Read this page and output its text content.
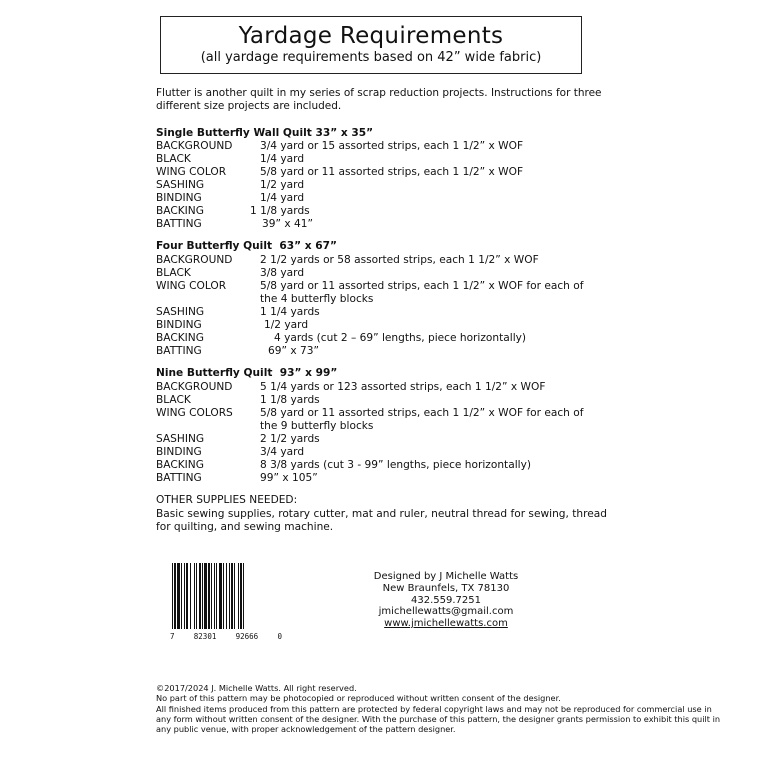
Yardage Requirements
(all yardage requirements based on 42” wide fabric)
Flutter is another quilt in my series of scrap reduction projects. Instructions for three different size projects are included.
Single Butterfly Wall Quilt 33” x 35”
BACKGROUND	3/4 yard or 15 assorted strips, each 1 1/2” x WOF
BLACK	1/4 yard
WING COLOR	5/8 yard or 11 assorted strips, each 1 1/2” x WOF
SASHING	1/2 yard
BINDING	1/4 yard
BACKING	1 1/8 yards
BATTING	39” x 41”
Four Butterfly Quilt  63” x 67”
BACKGROUND	2 1/2 yards or 58 assorted strips, each 1 1/2” x WOF
BLACK	3/8 yard
WING COLOR	5/8 yard or 11 assorted strips, each 1 1/2” x WOF for each of
the 4 butterfly blocks
SASHING	1 1/4 yards
BINDING	1/2 yard
BACKING	4 yards (cut 2 – 69” lengths, piece horizontally)
BATTING	69” x 73”
Nine Butterfly Quilt  93” x 99”
BACKGROUND	5 1/4 yards or 123 assorted strips, each 1 1/2” x WOF
BLACK	1 1/8 yards
WING COLORS	5/8 yard or 11 assorted strips, each 1 1/2” x WOF for each of
the 9 butterfly blocks
SASHING	2 1/2 yards
BINDING	3/4 yard
BACKING	8 3/8 yards (cut 3 - 99” lengths, piece horizontally)
BATTING	99” x 105”
OTHER SUPPLIES NEEDED:
Basic sewing supplies, rotary cutter, mat and ruler, neutral thread for sewing, thread for quilting, and sewing machine.
7	82301	92666	0
Designed by J Michelle Watts
New Braunfels, TX 78130
432.559.7251
jmichellewatts@gmail.com
www.jmichellewatts.com
©2017/2024 J. Michelle Watts. All right reserved.
No part of this pattern may be photocopied or reproduced without written consent of the designer.
All finished items produced from this pattern are protected by federal copyright laws and may not be reproduced for commercial use in any form without written consent of the designer. With the purchase of this pattern, the designer grants permission to exhibit this quilt in any public venue, with proper acknowledgement of the pattern designer.
